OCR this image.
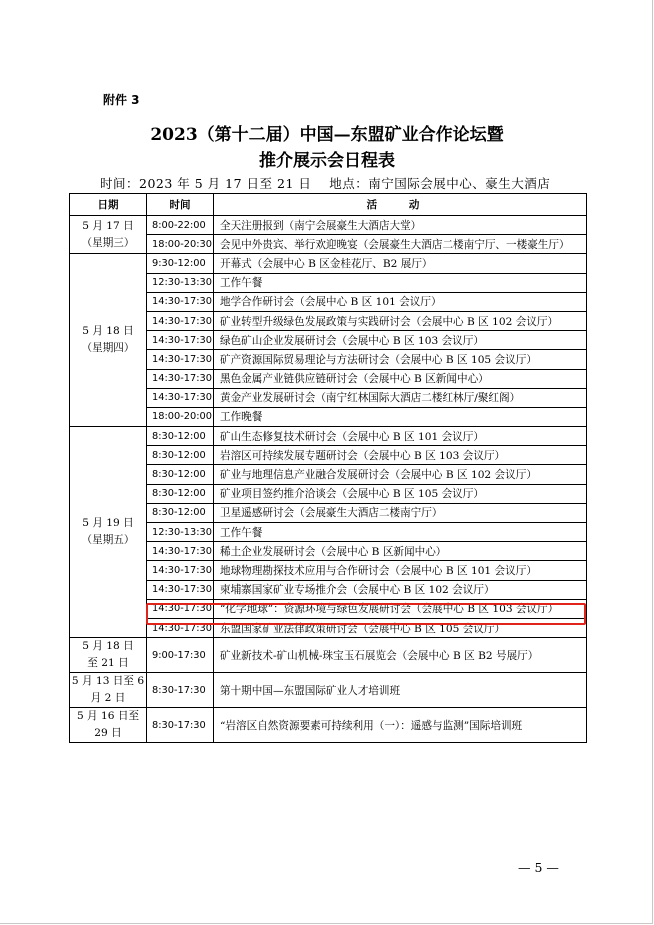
附件 3
2023（第十二届）中国—东盟矿业合作论坛暨
推介展示会日程表
时间：2023 年 5 月 17 日至 21 日    地点：南宁国际会展中心、豪生大酒店
日期	时间	活 动
5 月 17 日
（星期三）	8:00-22:00	全天注册报到（南宁会展豪生大酒店大堂）
	18:00-20:30	会见中外贵宾、举行欢迎晚宴（会展豪生大酒店二楼南宁厅、一楼豪生厅）
5 月 18 日
（星期四）	9:30-12:00	开幕式（会展中心 B 区金桂花厅、B2 展厅）
	12:30-13:30	工作午餐
	14:30-17:30	地学合作研讨会（会展中心 B 区 101 会议厅）
	14:30-17:30	矿业转型升级绿色发展政策与实践研讨会（会展中心 B 区 102 会议厅）
	14:30-17:30	绿色矿山企业发展研讨会（会展中心 B 区 103 会议厅）
	14:30-17:30	矿产资源国际贸易理论与方法研讨会（会展中心 B 区 105 会议厅）
	14:30-17:30	黑色金属产业链供应链研讨会（会展中心 B 区新闻中心）
	14:30-17:30	黄金产业发展研讨会（南宁红林国际大酒店二楼红林厅/聚红阁）
	18:00-20:00	工作晚餐
5 月 19 日
（星期五）	8:30-12:00	矿山生态修复技术研讨会（会展中心 B 区 101 会议厅）
	8:30-12:00	岩溶区可持续发展专题研讨会（会展中心 B 区 103 会议厅）
	8:30-12:00	矿业与地理信息产业融合发展研讨会（会展中心 B 区 102 会议厅）
	8:30-12:00	矿业项目签约推介洽谈会（会展中心 B 区 105 会议厅）
	8:30-12:00	卫星遥感研讨会（会展豪生大酒店二楼南宁厅）
	12:30-13:30	工作午餐
	14:30-17:30	稀土企业发展研讨会（会展中心 B 区新闻中心）
	14:30-17:30	地球物理勘探技术应用与合作研讨会（会展中心 B 区 101 会议厅）
	14:30-17:30	柬埔寨国家矿业专场推介会（会展中心 B 区 102 会议厅）
	14:30-17:30	“化学地球”：资源环境与绿色发展研讨会（会展中心 B 区 103 会议厅）
	14:30-17:30	东盟国家矿业法律政策研讨会（会展中心 B 区 105 会议厅）
5 月 18 日
至 21 日	9:00-17:30	矿业新技术-矿山机械-珠宝玉石展览会（会展中心 B 区 B2 号展厅）
5 月 13 日至 6
月 2 日	8:30-17:30	第十期中国—东盟国际矿业人才培训班
5 月 16 日至
29 日	8:30-17:30	“岩溶区自然资源要素可持续利用（一）：遥感与监测”国际培训班
— 5 —
